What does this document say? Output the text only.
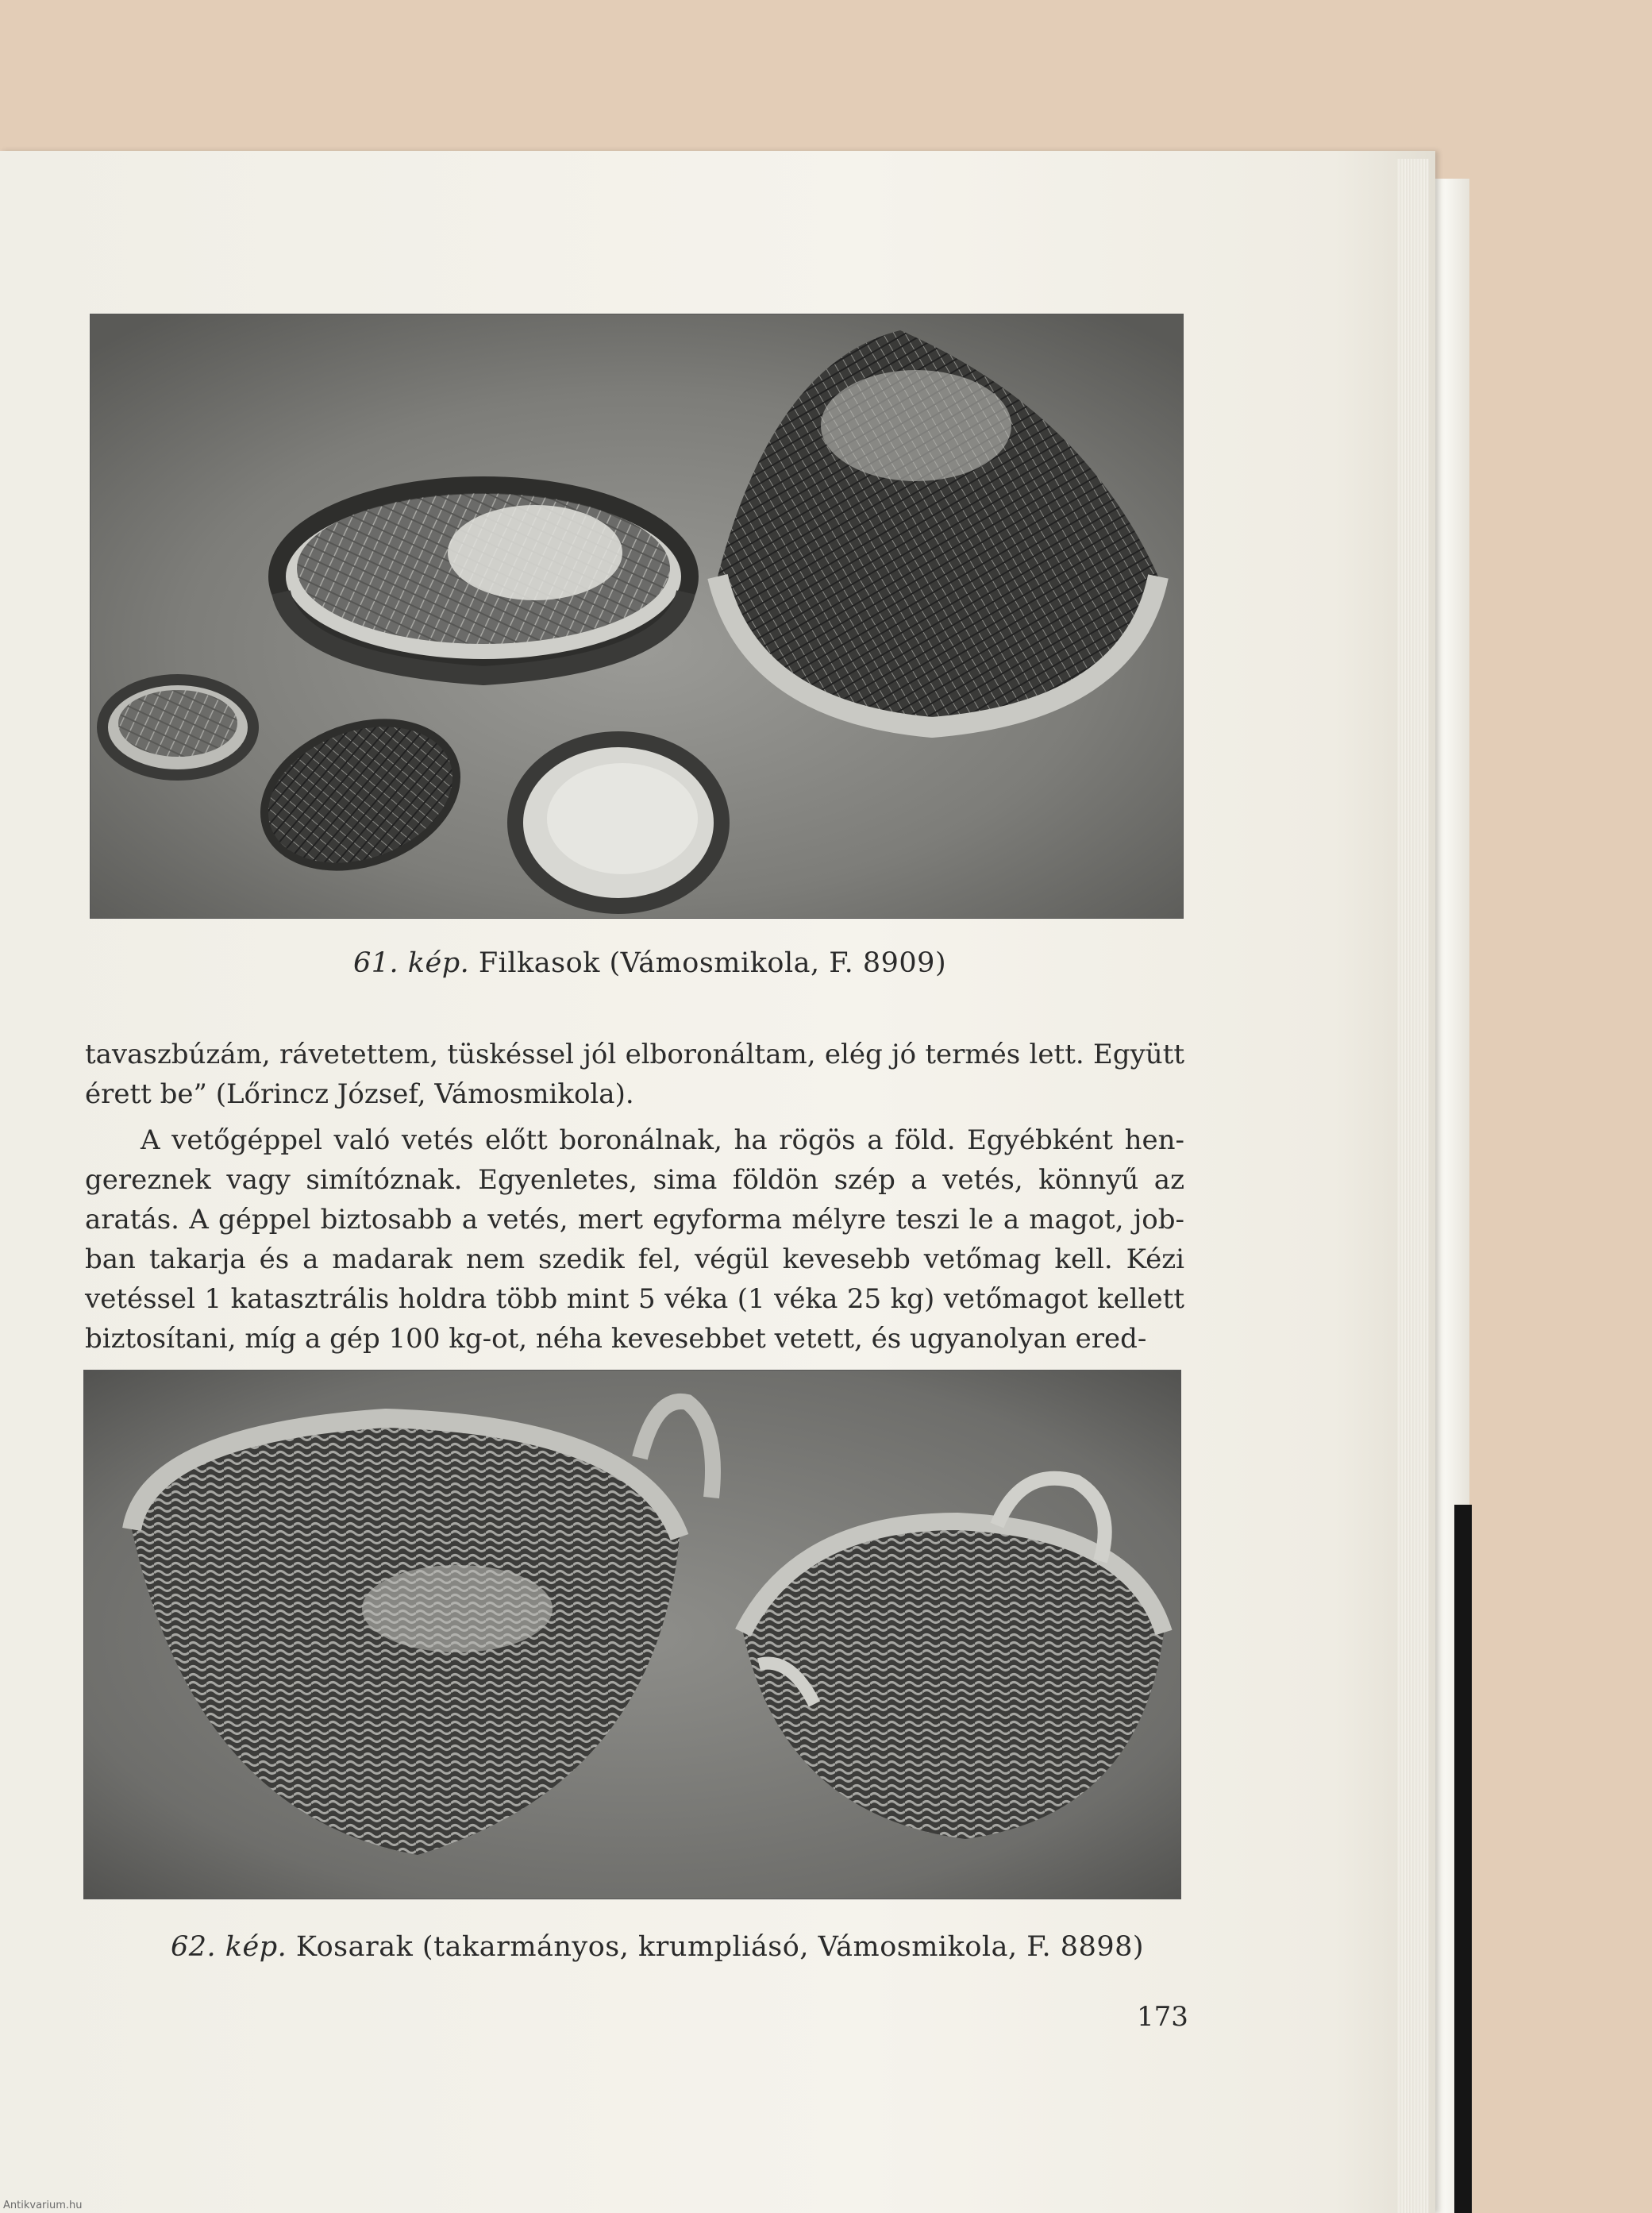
61. kép. Filkasok (Vámosmikola, F. 8909)

tavaszbúzám, rávetettem, tüskéssel jól elboronáltam, elég jó termés lett. Együtt érett be” (Lőrincz József, Vámosmikola).

A vetőgéppel való vetés előtt boronálnak, ha rögös a föld. Egyébként hen- gereznek vagy simítóznak. Egyenletes, sima földön szép a vetés, könnyű az aratás. A géppel biztosabb a vetés, mert egyforma mélyre teszi le a magot, job- ban takarja és a madarak nem szedik fel, végül kevesebb vetőmag kell. Kézi vetéssel 1 katasztrális holdra több mint 5 véka (1 véka 25 kg) vetőmagot kellett biztosítani, míg a gép 100 kg-ot, néha kevesebbet vetett, és ugyanolyan ered-

62. kép. Kosarak (takarmányos, krumpliásó, Vámosmikola, F. 8898)
173
Antikvarium.hu
